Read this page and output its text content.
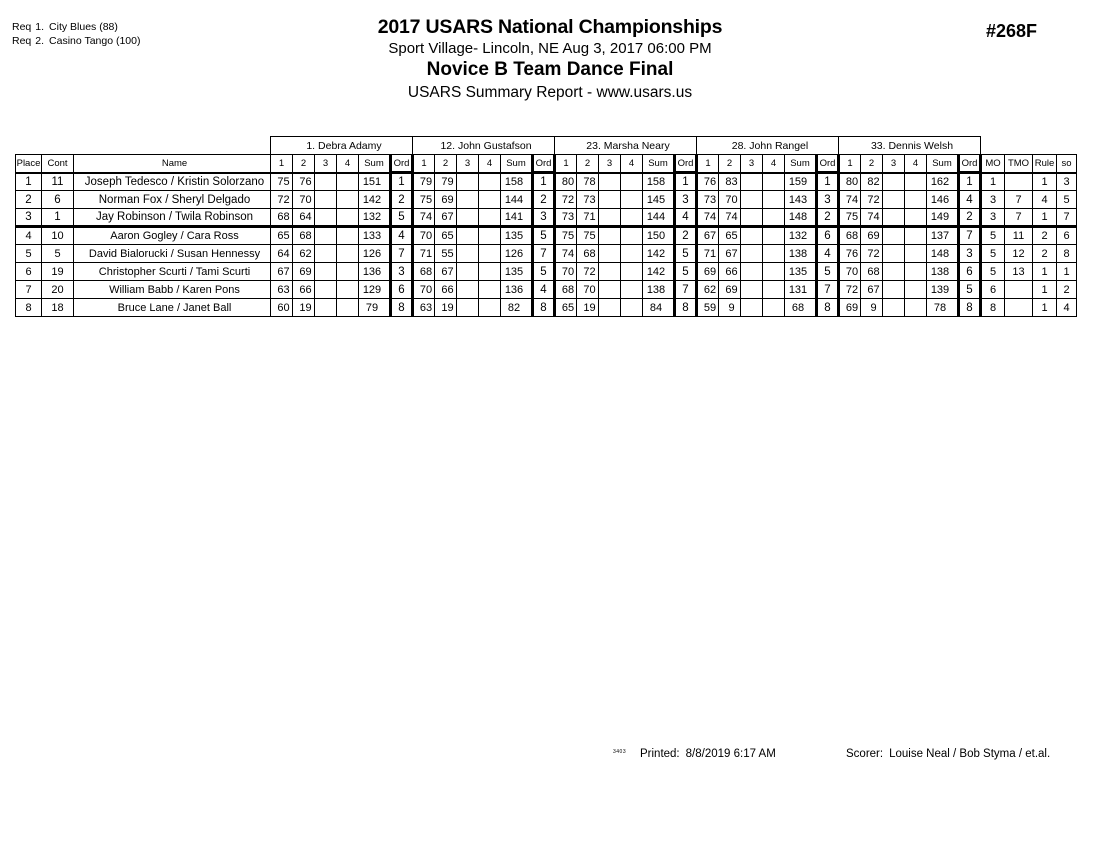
Req 1. City Blues (88)
Req 2. Casino Tango (100)
2017 USARS National Championships
Sport Village- Lincoln, NE Aug 3, 2017 06:00 PM
Novice B Team Dance Final
USARS Summary Report - www.usars.us
#268F
			1. Debra Adamy						12. John Gustafson						23. Marsha Neary						28. John Rangel						33. Dennis Welsh									
Place	Cont	Name	1	2	3	4	Sum	Ord	1	2	3	4	Sum	Ord	1	2	3	4	Sum	Ord	1	2	3	4	Sum	Ord	1	2	3	4	Sum	Ord	MO	TMO	Rule	so
1	11	Joseph Tedesco / Kristin Solorzano	75	76			151	1	79	79			158	1	80	78			158	1	76	83			159	1	80	82			162	1	1		1	3
2	6	Norman Fox / Sheryl Delgado	72	70			142	2	75	69			144	2	72	73			145	3	73	70			143	3	74	72			146	4	3	7	4	5
3	1	Jay Robinson / Twila Robinson	68	64			132	5	74	67			141	3	73	71			144	4	74	74			148	2	75	74			149	2	3	7	1	7
4	10	Aaron Gogley / Cara Ross	65	68			133	4	70	65			135	5	75	75			150	2	67	65			132	6	68	69			137	7	5	11	2	6
5	5	David Bialorucki / Susan Hennessy	64	62			126	7	71	55			126	7	74	68			142	5	71	67			138	4	76	72			148	3	5	12	2	8
6	19	Christopher Scurti / Tami Scurti	67	69			136	3	68	67			135	5	70	72			142	5	69	66			135	5	70	68			138	6	5	13	1	1
7	20	William Babb / Karen Pons	63	66			129	6	70	66			136	4	68	70			138	7	62	69			131	7	72	67			139	5	6		1	2
8	18	Bruce Lane / Janet Ball	60	19			79	8	63	19			82	8	65	19			84	8	59	9			68	8	69	9			78	8	8		1	4
3403 Printed: 8/8/2019 6:17 AM	Scorer: Louise Neal / Bob Styma / et.al.
